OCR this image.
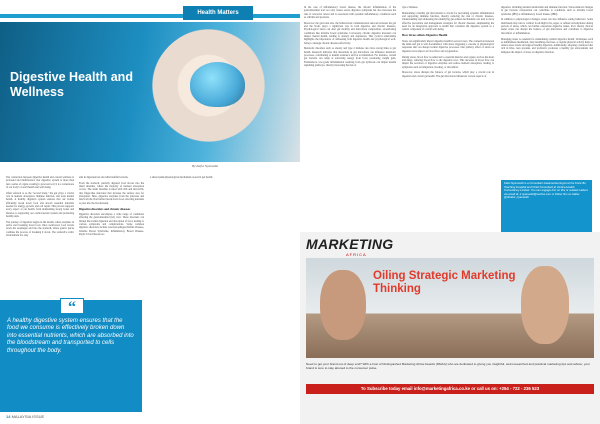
Health Matters
Digestive Health and Wellness
By Kafui Nyamedzi

The connection between digestive health and overall wellness is profound and multifaceted. Our digestive system is more than just a series of organs working to process food; it is a cornerstone of our body's overall health and well-being.

Often referred to as the "second brain," the gut plays a crucial role in nutrient absorption, immune function, and even mental health. A healthy digestive system ensures that our bodies efficiently break down food and absorb essential nutrients needed for energy, growth, and cell repair. This process supports every aspect of our health, from maintaining strong bones and muscles to supporting our cardiovascular system and promoting healthy skin.

The journey of digestion begins in the mouth, where enzymes in saliva start breaking down food. Once swallowed, food travels down the esophagus and into the stomach, where gastric juices continue the process of breaking it down. The stomach's acidic environment not only

aids in digestion but also kills harmful bacteria.

From the stomach, partially digested food moves into the small intestine, where the majority of nutrient absorption occurs. The small intestine is lined with villi and microvilli, tiny finger-like structures that increase the surface area for absorption. Here, digestive enzymes from the pancreas and bile from the liver further break down food, allowing nutrients to pass into the bloodstream.

Digestive disorders and chronic diseases

Digestive disorders encompass a wide range of conditions affecting the gastrointestinal (GI) tract. These disorders can disrupt the normal digestion and absorption of food, leading to various symptoms and complications. Some common digestive disorders include Gastroesophageal Reflux Disease, Irritable Bowel Syndrome, Inflammatory Bowel Disease, Peptic Ulcer Disease etc.

a shared pathophysiological mechanism rooted in gut health.

“
A healthy digestive system ensures that the food we consume is effectively broken down into essential nutrients, which are absorbed into the bloodstream and transported to cells throughout the body.
14 MALAYSIA ISSUE

In the case of inflammatory bowel disease, the chronic inflammation of the gastrointestinal tract not only causes severe digestive symptoms but also increases the risk of colorectal cancer and is associated with systemic inflammatory conditions such as arthritis and psoriasis.

Moreover, the gut-brain axis, the bidirectional communication network between the gut and the brain, plays a significant role in both digestive and chronic diseases. Psychological stress can alter gut motility and microbiota composition, exacerbating conditions like irritable bowel syndrome. Conversely, chronic digestive disorders can impact mental health, leading to anxiety and depression. This cyclical relationship highlights the importance of addressing both digestive health and psychological well-being to manage chronic diseases effectively.

Metabolic disorders such as obesity and type 2 diabetes also have strong links to gut health. Research indicates that alterations in gut microbiota can influence metabolic processes, contributing to insulin resistance and fat accumulation. For instance, certain gut bacteria can adapt at extracting energy from food, promoting weight gain. Furthermore, low-grade inflammation resulting from gut dysbiosis can impair insulin signalling pathways, thereby increasing the risk of

type 2 diabetes.

Maintaining a healthy gut microbiome is crucial for preventing systemic inflammation and supporting immune function, thereby reducing the risk of chronic diseases. Understanding and addressing the underlying gut-related mechanisms can lead to more effective prevention and management strategies for chronic diseases, emphasizing the need for an integrative approach to health that considers the digestive system as a central component of overall well-being.

How Stress affects Digestive Health

Stress can significantly impact digestive health in several ways. The connection between the mind and gut is well-documented, with stress triggering a cascade of physiological responses that can disrupt normal digestive processes. One primary effect of stress on digestion is its impact on blood flow and oxygenation.

During stress, blood flow is redirected to essential muscles and organs, such as the heart and lungs, reducing blood flow to the digestive tract. This decrease in blood flow can impair the secretion of digestive enzymes and reduce nutrient absorption, leading to symptoms such as indigestion, bloating, or discomfort.

Moreover, stress disrupts the balance of gut bacteria, which play a crucial role in digestion and overall gut health. The gut microbiota influences various aspects of

digestion, including nutrient metabolism and immune function. Stress-induced changes in gut bacteria composition can contribute to conditions such as irritable bowel syndrome (IBS) or inflammatory bowel disease (IBD).

In addition to physiological changes, stress can also influence eating behaviors. Some individuals may turn to comfort foods high in fat, sugar, or refined carbohydrates during periods of stress, which can further exacerbate digestive issues. Poor dietary choices under stress can disrupt the balance of gut microbiota and contribute to digestive discomfort or inflammation.

Managing stress is essential for maintaining optimal digestive health. Techniques such as mindfulness meditation, deep breathing exercises, or regular physical activity helps to reduce stress levels and support healthy digestion. Additionally, adopting a balanced diet rich in fibre, lean proteins, and probiotics promotes a healthy gut environment and mitigates the impact of stress on digestive function.

Kafui Nyamedzi is a Consultant Gastroenterologist at the Korle Bu Teaching Hospital and Chief Consultant at Vertica Health Consultancy Limited. You can engage him on this or related matters via email at: k.nyamedzi@vertica.com or follow him on twitter @drkafui_nyamedzi
MARKETING
AFRICA
Oiling Strategic Marketing Thinking
Need to get your brand out of deep end? With a host of Distinguished Marketing Africa Awards (DMAA) who are dedicated to giving you insightful, well-researched and practical marketing tips and advice; your brand is sure to stay attuned to the consumer pulse.
To Subscribe today email info@marketingafrica.co.ke or call us on: +254 - 722 - 236 523
